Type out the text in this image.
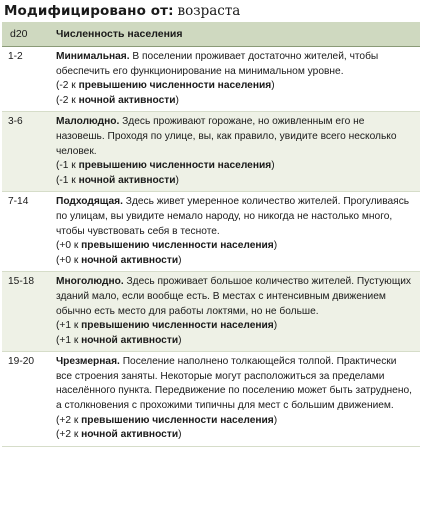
Модифицировано от: возраста
d20	Численность населения
1-2	Минимальная. В поселении проживает достаточно жителей, чтобы обеспечить его функционирование на минимальном уровне.
(-2 к превышению численности населения)
(-2 к ночной активности)

3-6	Малолюдно. Здесь проживают горожане, но оживленным его не назовешь. Проходя по улице, вы, как правило, увидите всего несколько человек.
(-1 к превышению численности населения)
(-1 к ночной активности)

7-14	Подходящая. Здесь живет умеренное количество жителей. Прогуливаясь по улицам, вы увидите немало народу, но никогда не настолько много, чтобы чувствовать себя в тесноте.
(+0 к превышению численности населения)
(+0 к ночной активности)

15-18	Многолюдно. Здесь проживает большое количество жителей. Пустующих зданий мало, если вообще есть. В местах с интенсивным движением обычно есть место для работы локтями, но не больше.
(+1 к превышению численности населения)
(+1 к ночной активности)

19-20	Чрезмерная. Поселение наполнено толкающейся толпой. Практически все строения заняты. Некоторые могут расположиться за пределами населённого пункта. Передвижение по поселению может быть затруднено, а столкновения с прохожими типичны для мест с большим движением.
(+2 к превышению численности населения)
(+2 к ночной активности)
